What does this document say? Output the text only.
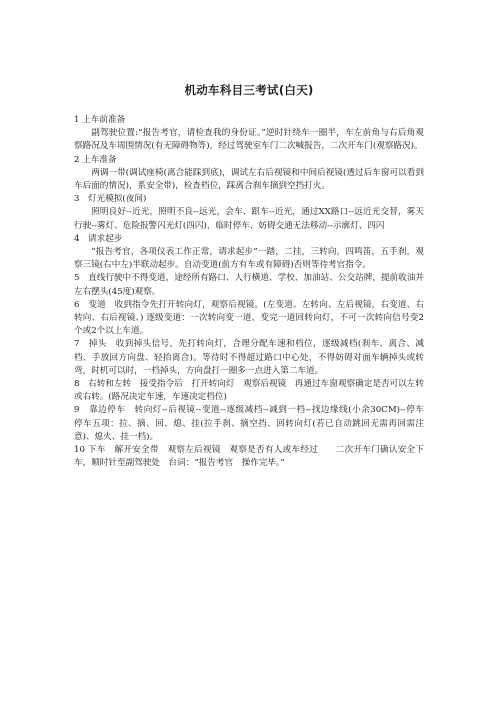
机动车科目三考试(白天)

1 上车前准备

副驾驶位置:“报告考官，请检查我的身份证。”逆时针绕车一圈半，车左前角与右后角观察路况及车周围情况(有无障碍物等)，经过驾驶室车门二次喊报告，二次开车门(观察路况)。

2 上车准备

两调一带(调试座椅(离合能踩到底)，调试左右后视镜和中间后视镜(透过后车窗可以看到车后面的情况)，系安全带)，检查档位，踩离合刹车摘到空挡打火。

3　灯光模拟(夜间)

照明良好--近光，照明不良--远光，会车、跟车--近光，通过XX路口--远近光交替，雾天行驶--雾灯、危险报警闪光灯(四闪)，临时停车、妨碍交通无法移动--示廓灯、四闪

4　请求起步

“报告考官，各项仪表工作正常，请求起步”一踏，二挂，三转向，四鸣笛，五手刹，观察三镜(右中左)半联动起步。自动变道(前方有车或有障碍)否则等待考官指令。

5　直线行驶中不得变道，途经所有路口、人行横道、学校、加油站、公交站牌，提前收油并左右摆头(45度)观察。

6　变道　收到指令先打开转向灯，观察后视镜。(左变道、左转向、左后视镜，右变道、右转向、右后视镜、) 逐级变道：一次转向变一道，变完一道回转向灯，不可一次转向信号变2个或2个以上车道。

7　掉头　收到掉头信号，先打转向灯，合理分配车速和档位，逐级减档(刹车、离合、减档、手放回方向盘、轻抬离合)。等待时不得超过路口中心处，不得妨碍对面车辆掉头或转弯，时机可以时，一档掉头，方向盘打一圈多一点进入第二车道。

8　右转和左转　接受指令后　打开转向灯　观察后视镜　再通过车窗观察确定是否可以左转或右转。(路况决定车速，车速决定档位)

9　靠边停车　转向灯--后视镜--变道--逐级减档--减到一档--找边缘线(小余30CM)--停车　　停车五项：拉、摘、回、熄、挂(拉手刹、摘空挡、回转向灯(若已自动跳回无需再回需注意)、熄火、挂一档)。

10 下车　解开安全带　观察左后视镜　观察是否有人或车经过　　二次开车门确认安全下车，顺时针至副驾驶处　台词：“报告考官　操作完毕。”
